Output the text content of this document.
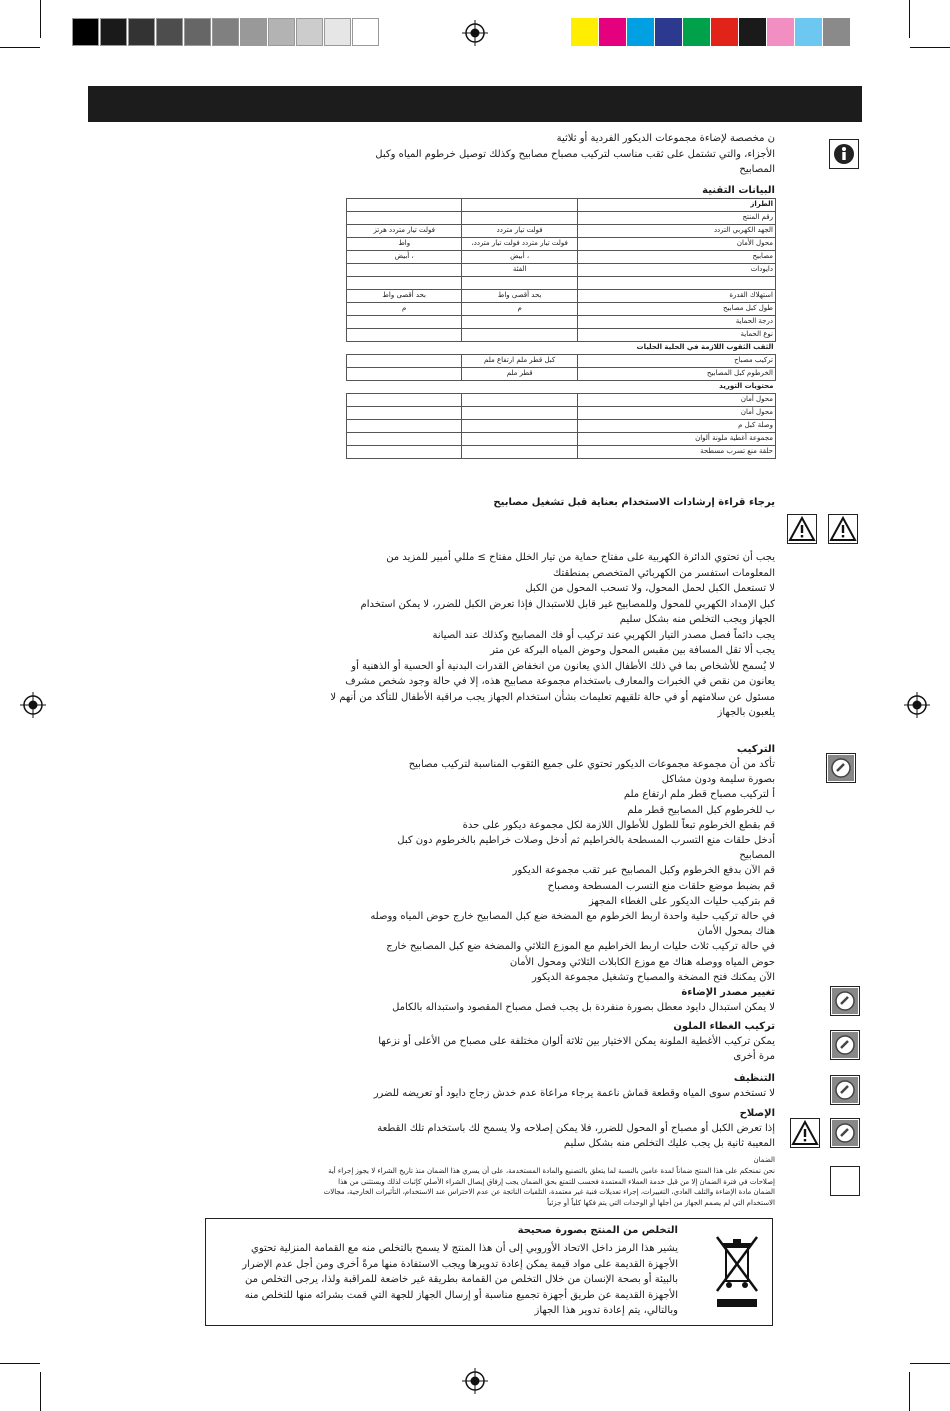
ن مخصصة لإضاءة مجموعات الديكور الفردية أو ثلاثية
الأجزاء، والتي تشتمل على ثقب مناسب لتركيب مصباح مصابيح وكذلك توصيل خرطوم المياه وكبل
المصابيح
البيانات التقنية
الطراز		
رقم المنتج		
الجهد الكهربي التردد	فولت تيار متردد	فولت تيار متردد هرتز
محول الأمان	فولت تيار متردد فولت تيار متردد،	واط
مصابيح	، أبيض	، أبيض
دايودات	الفئة	

استهلاك القدرة	بحد أقصى واط	بحد أقصى واط
طول كبل مصابيح	م	م
درجة الحماية		
نوع الحماية		
الثقب الثقوب اللازمة في الحلية الحليات		
تركيب مصباح	كبل قطر ملم ارتفاع ملم	
الخرطوم كبل المصابيح	قطر ملم	
محتويات التوريد		
محول أمان		
محول أمان		
وصلة كبل م		
مجموعة أغطية ملونة ألوان		
حلقة منع تسرب مسطحة		
يرجاء قراءة إرشادات الاستخدام بعناية قبل تشغيل مصابيح
يجب أن تحتوي الدائرة الكهربية على مفتاح حماية من تيار الخلل مفتاح ≥ مللي أمبير للمزيد من
المعلومات استفسر من الكهربائي المتخصص بمنطقتك
لا تستعمل الكبل لحمل المحول، ولا تسحب المحول من الكبل
كبل الإمداد الكهربي للمحول وللمصابيح غير قابل للاستبدال فإذا تعرض الكبل للضرر، لا يمكن استخدام
الجهاز ويجب التخلص منه بشكل سليم
يجب دائماً فصل مصدر التيار الكهربي عند تركيب أو فك المصابيح وكذلك عند الصيانة
يجب ألا تقل المسافة بين مقبس المحول وحوض المياه البركة عن متر
لا يُسمح للأشخاص بما في ذلك الأطفال الذي يعانون من انخفاض القدرات البدنية أو الحسية أو الذهنية أو
يعانون من نقص في الخبرات والمعارف باستخدام مجموعة مصابيح هذه، إلا في حالة وجود شخص مشرف
مسئول عن سلامتهم أو في حالة تلقيهم تعليمات بشأن استخدام الجهاز يجب مراقبة الأطفال للتأكد من أنهم لا
يلعبون بالجهاز
التركيب
تأكد من أن مجموعة مجموعات الديكور تحتوي على جميع الثقوب المناسبة لتركيب مصابيح
بصورة سليمة ودون مشاكل
أ لتركيب مصباح قطر ملم ارتفاع ملم
ب للخرطوم كبل المصابيح قطر ملم
قم بقطع الخرطوم تبعاً للطول للأطوال اللازمة لكل مجموعة ديكور على حدة
أدخل حلقات منع التسرب المسطحة بالخراطيم ثم أدخل وصلات خراطيم بالخرطوم دون كبل
المصابيح
قم الآن بدفع الخرطوم وكبل المصابيح عبر ثقب مجموعة الديكور
قم بضبط موضع حلقات منع التسرب المسطحة ومصباح
قم بتركيب حليات الديكور على الغطاء المجهز
في حالة تركيب حلية واحدة اربط الخرطوم مع المضخة ضع كبل المصابيح خارج حوض المياه ووصله
هناك بمحول الأمان
في حالة تركيب ثلاث حليات اربط الخراطيم مع الموزع الثلاثي والمضخة ضع كبل المصابيح خارج
حوض المياه ووصله هناك مع موزع الكابلات الثلاثي ومحول الأمان
الآن يمكنك فتح المضخة والمصباح وتشغيل مجموعة الديكور
تغيير مصدر الإضاءة
لا يمكن استبدال دايود معطل بصورة منفردة بل يجب فصل مصباح المقصود واستبداله بالكامل
تركيب الغطاء الملون
يمكن تركيب الأغطية الملونة يمكن الاختيار بين ثلاثة ألوان مختلفة على مصباح من الأعلى أو نزعها
مرة أخرى
التنظيف
لا تستخدم سوى المياه وقطعة قماش ناعمة يرجاء مراعاة عدم خدش زجاج دايود أو تعريضه للضرر
الإصلاح
إذا تعرض الكبل أو مصباح أو المحول للضرر، فلا يمكن إصلاحه ولا يسمح لك باستخدام تلك القطعة
المعيبة ثانية بل يجب عليك التخلص منه بشكل سليم
الضمان
نحن نمنحكم على هذا المنتج ضماناً لمدة عامين بالنسبة لما يتعلق بالتصنيع والمادة المستخدمة، على أن يسري هذا الضمان منذ تاريخ الشراء لا يجوز إجراء أية
إصلاحات في فترة الضمان إلا من قبل خدمة العملاء المعتمدة فحسب للتمتع بحق الضمان يجب إرفاق إيصال الشراء الأصلي كإثبات لذلك ويستثنى من هذا
الضمان مادة الإضاءة والتلف العادي، التغييرات، إجراء تعديلات فنية غير معتمدة، التلفيات الناتجة عن عدم الاحتراس عند الاستخدام، التأثيرات الخارجية، مجالات
الاستخدام التي لم يصمم الجهاز من أجلها أو الوحدات التي يتم فكها كلياً أو جزئياً
التخلص من المنتج بصورة صحيحة
يشير هذا الرمز داخل الاتحاد الأوروبي إلى أن هذا المنتج لا يسمح بالتخلص منه مع القمامة المنزلية تحتوي
الأجهزة القديمة على مواد قيمة يمكن إعادة تدويرها ويجب الاستفادة منها مرةً أخرى ومن أجل عدم الإضرار
بالبيئة أو بصحة الإنسان من خلال التخلص من القمامة بطريقة غير خاضعة للمراقبة ولذا، يرجى التخلص من
الأجهزة القديمة عن طريق أجهزة تجميع مناسبة أو إرسال الجهاز للجهة التي قمت بشرائه منها للتخلص منه
وبالتالي، يتم إعادة تدوير هذا الجهاز
